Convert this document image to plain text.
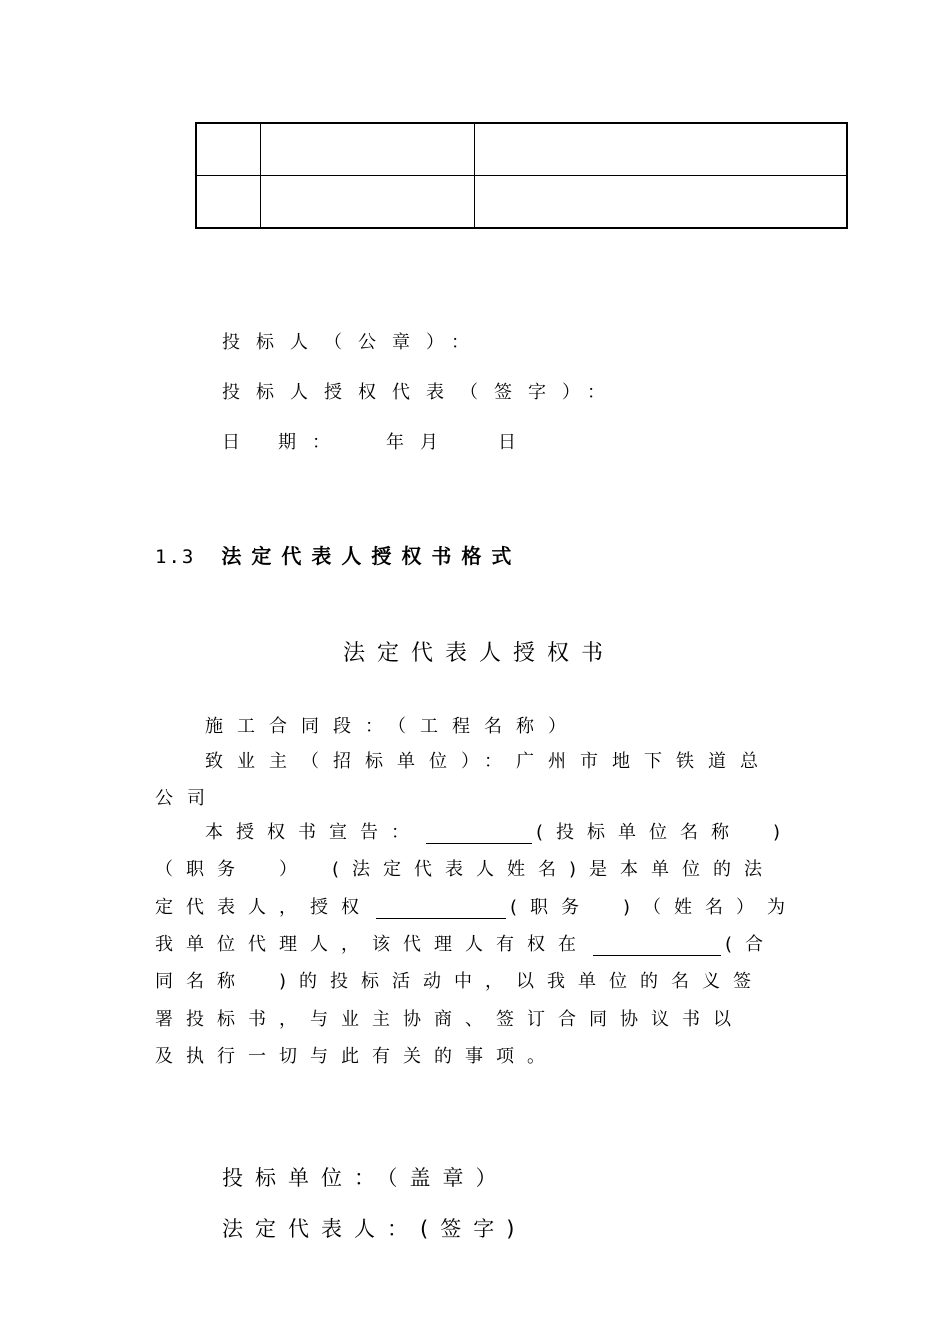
投标人（公章）：
投标人授权代表（签字）：
日 期： 年月 日
1.3 法定代表人授权书格式
法定代表人授权书
施工合同段：（工程名称）
致业主（招标单位）：广州市地下铁道总
公司
本授权书宣告：	(投标单位名称　)
（职务　）　(法定代表人姓名)是本单位的法
定代表人，授权	(职务　)（姓名）为
我单位代理人，该代理人有权在	(合
同名称　)的投标活动中，以我单位的名义签
署投标书，与业主协商、签订合同协议书以
及执行一切与此有关的事项。
投标单位：（盖章）
法定代表人：(签字)
